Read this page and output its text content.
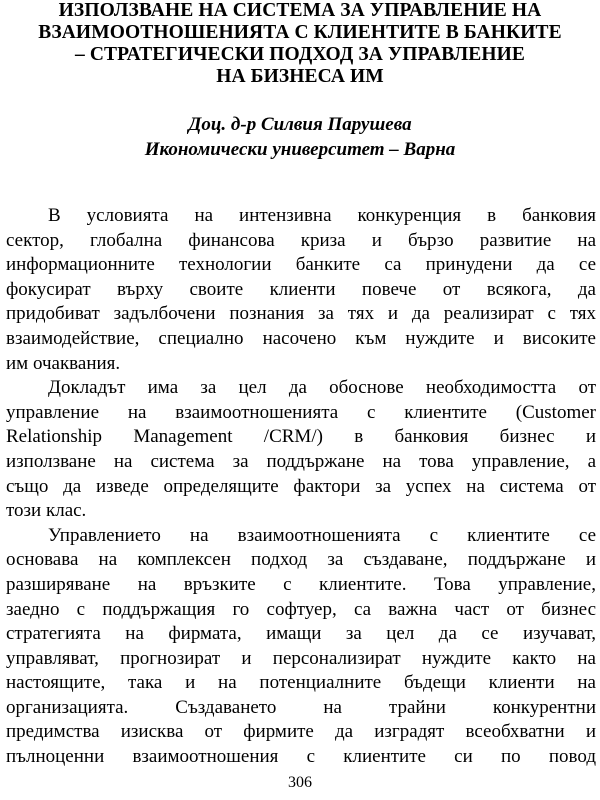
ИЗПОЛЗВАНЕ НА СИСТЕМА ЗА УПРАВЛЕНИЕ НА
ВЗАИМООТНОШЕНИЯТА С КЛИЕНТИТЕ В БАНКИТЕ
– СТРАТЕГИЧЕСКИ ПОДХОД ЗА УПРАВЛЕНИЕ
НА БИЗНЕСА ИМ
Доц. д-р Силвия Парушева
Икономически университет – Варна

В условията на интензивна конкуренция в банковия
сектор, глобална финансова криза и бързо развитие на
информационните технологии банките са принудени да се
фокусират върху своите клиенти повече от всякога, да
придобиват задълбочени познания за тях и да реализират с тях
взаимодействие, специално насочено към нуждите и високите
им очаквания.

Докладът има за цел да обоснове необходимостта от
управление на взаимоотношенията с клиентите (Customer
Relationship Management /CRM/) в банковия бизнес и
използване на система за поддържане на това управление, а
също да изведе определящите фактори за успех на система от
този клас.

Управлението на взаимоотношенията с клиентите се
основава на комплексен подход за създаване, поддържане и
разширяване на връзките с клиентите. Това управление,
заедно с поддържащия го софтуер, са важна част от бизнес
стратегията на фирмата, имащи за цел да се изучават,
управляват, прогнозират и персонализират нуждите както на
настоящите, така и на потенциалните бъдещи клиенти на
организацията. Създаването на трайни конкурентни
предимства изисква от фирмите да изградят всеобхватни и
пълноценни взаимоотношения с клиентите си по повод

306
